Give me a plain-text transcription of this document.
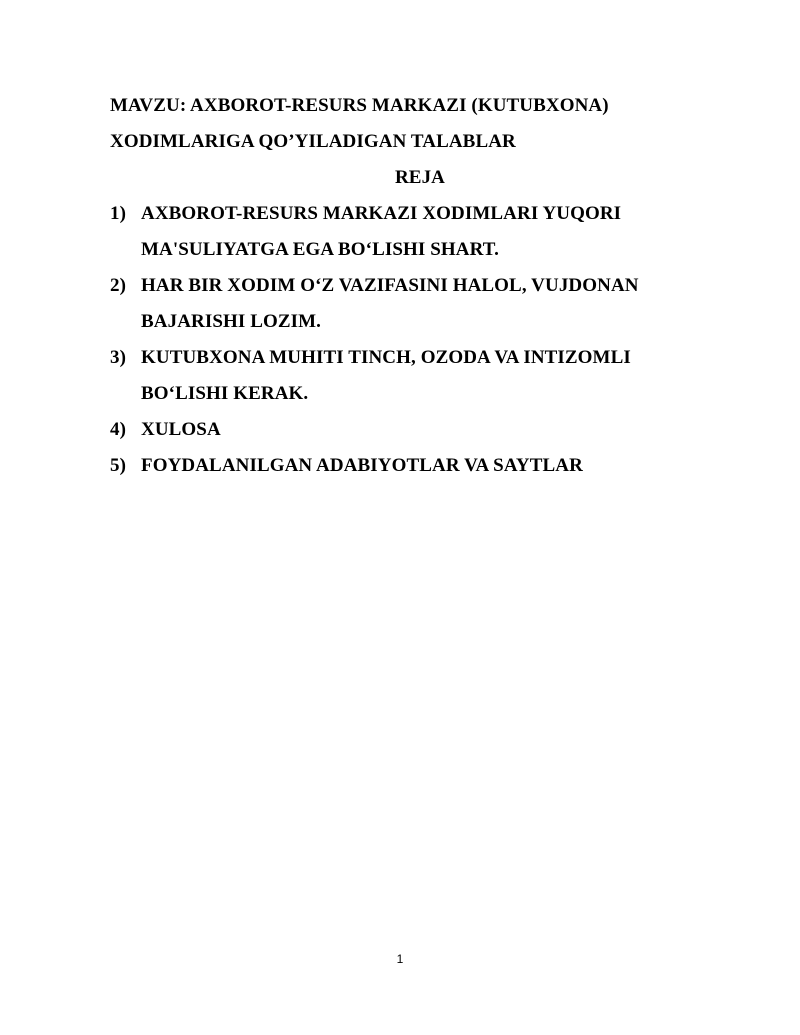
MAVZU: AXBOROT-RESURS MARKAZI (KUTUBXONA)

XODIMLARIGA QO’YILADIGAN TALABLAR

REJA

1) AXBOROT-RESURS MARKAZI XODIMLARI YUQORI
MA'SULIYATGA EGA BO‘LISHI SHART.
2) HAR BIR XODIM O‘Z VAZIFASINI HALOL, VUJDONAN
BAJARISHI LOZIM.
3) KUTUBXONA MUHITI TINCH, OZODA VA INTIZOMLI
BO‘LISHI KERAK.
4) XULOSA
5) FOYDALANILGAN ADABIYOTLAR VA SAYTLAR
1
